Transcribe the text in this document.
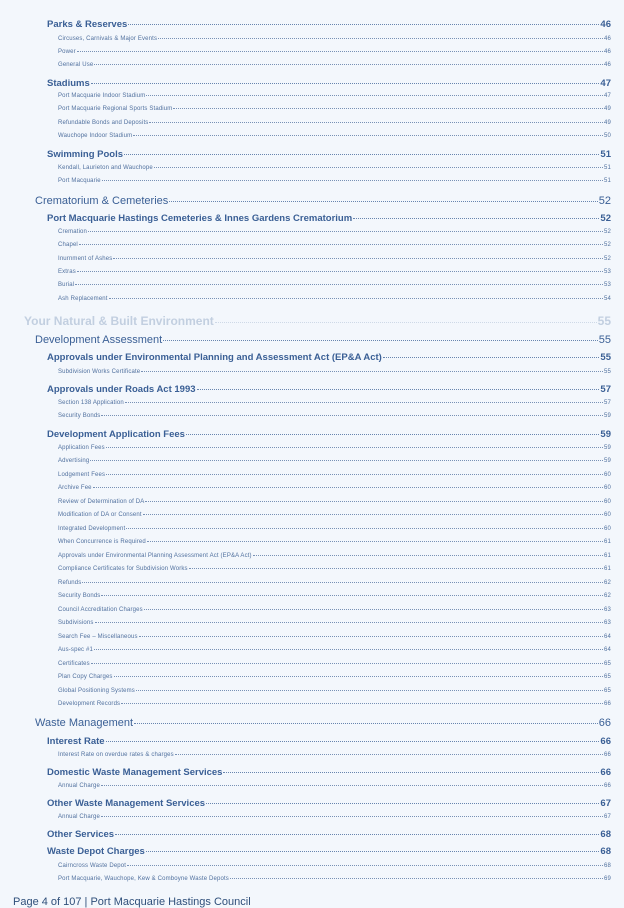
Parks & Reserves	46
Circuses, Carnivals & Major Events	46
Power	46
General Use	46
Stadiums	47
Port Macquarie Indoor Stadium	47
Port Macquarie Regional Sports Stadium	49
Refundable Bonds and Deposits	49
Wauchope Indoor Stadium	50
Swimming Pools	51
Kendall, Laurieton and Wauchope	51
Port Macquarie	51
Crematorium & Cemeteries	52
Port Macquarie Hastings Cemeteries & Innes Gardens Crematorium	52
Cremation	52
Chapel	52
Inurnment of Ashes	52
Extras	53
Burial	53
Ash Replacement	54
Your Natural & Built Environment	55
Development Assessment	55
Approvals under Environmental Planning and Assessment Act (EP&A Act)	55
Subdivision Works Certificate	55
Approvals under Roads Act 1993	57
Section 138 Application	57
Security Bonds	59
Development Application Fees	59
Application Fees	59
Advertising	59
Lodgement Fees	60
Archive Fee	60
Review of Determination of DA	60
Modification of DA or Consent	60
Integrated Development	60
When Concurrence is Required	61
Approvals under Environmental Planning Assessment Act (EP&A Act)	61
Compliance Certificates for Subdivision Works	61
Refunds	62
Security Bonds	62
Council Accreditation Charges	63
Subdivisions	63
Search Fee – Miscellaneous	64
Aus-spec #1	64
Certificates	65
Plan Copy Charges	65
Global Positioning Systems	65
Development Records	66
Waste Management	66
Interest Rate	66
Interest Rate on overdue rates & charges	66
Domestic Waste Management Services	66
Annual Charge	66
Other Waste Management Services	67
Annual Charge	67
Other Services	68
Waste Depot Charges	68
Cairncross Waste Depot	68
Port Macquarie, Wauchope, Kew & Comboyne Waste Depots	69
Page 4 of 107 | Port Macquarie Hastings Council
